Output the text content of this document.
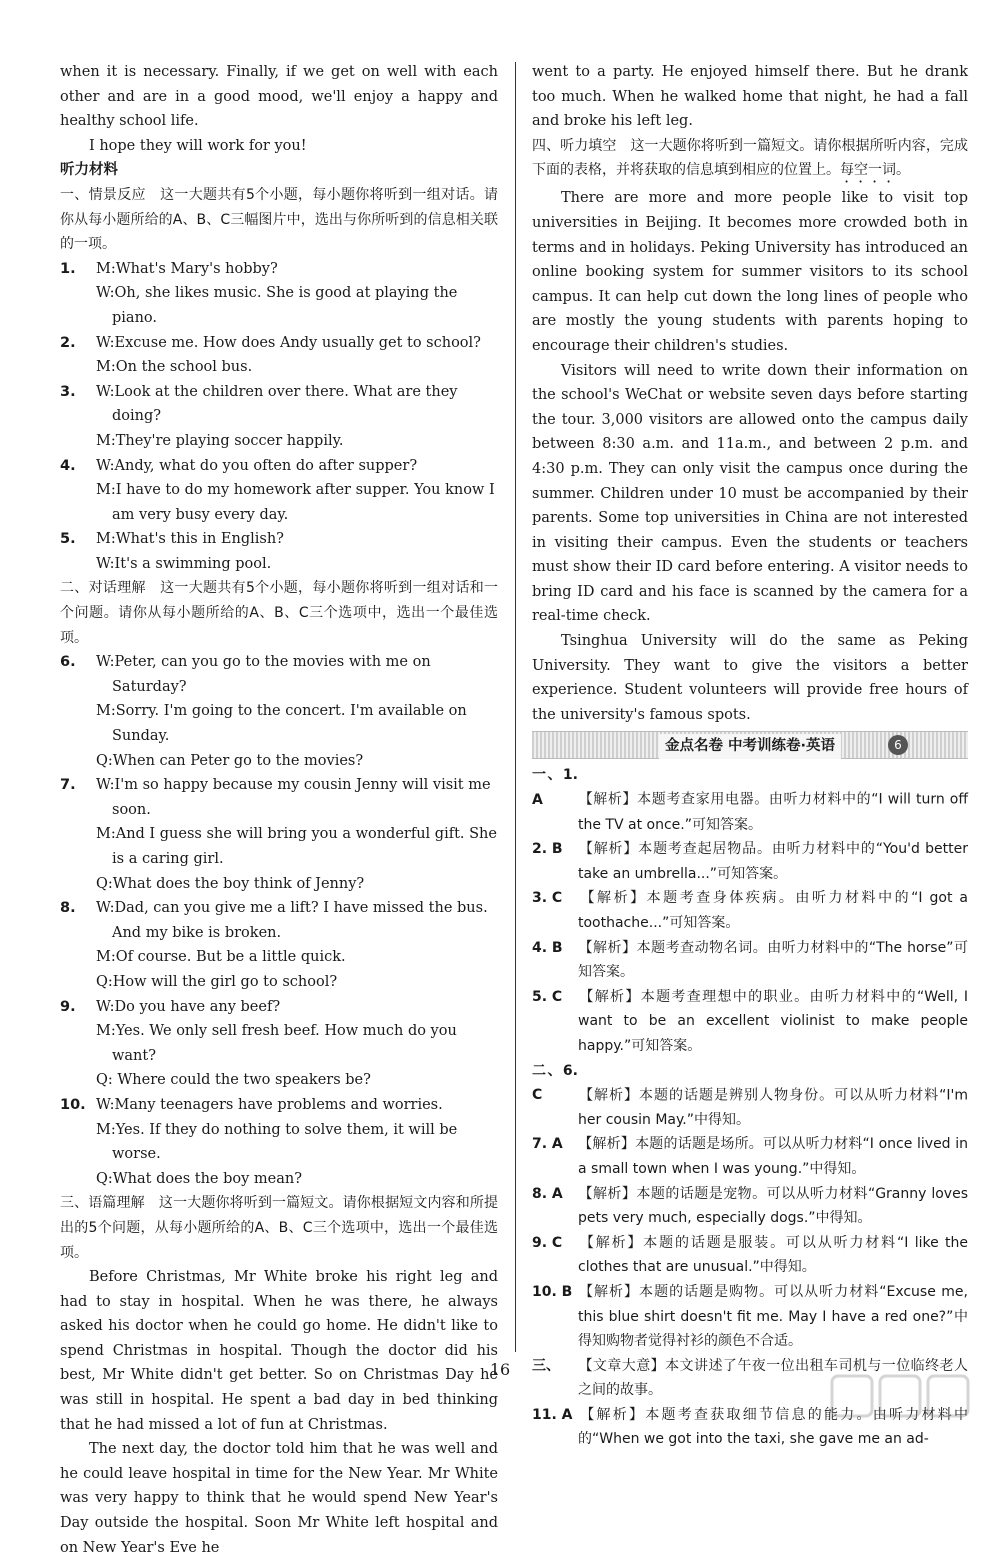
when it is necessary. Finally, if we get on well with each other and are in a good mood, we'll enjoy a happy and healthy school life.

I hope they will work for you!

听力材料

一、情景反应　这一大题共有5个小题，每小题你将听到一组对话。请你从每小题所给的A、B、C三幅图片中，选出与你所听到的信息相关联的一项。

1.	M:What's Mary's hobby?
W:Oh, she likes music. She is good at playing the piano.
2.	W:Excuse me. How does Andy usually get to school?
M:On the school bus.
3.	W:Look at the children over there. What are they doing?
M:They're playing soccer happily.
4.	W:Andy, what do you often do after supper?
M:I have to do my homework after supper. You know I am very busy every day.
5.	M:What's this in English?
W:It's a swimming pool.

二、对话理解　这一大题共有5个小题，每小题你将听到一组对话和一个问题。请你从每小题所给的A、B、C三个选项中，选出一个最佳选项。

6.	W:Peter, can you go to the movies with me on Saturday?
M:Sorry. I'm going to the concert. I'm available on Sunday.
Q:When can Peter go to the movies?
7.	W:I'm so happy because my cousin Jenny will visit me soon.
M:And I guess she will bring you a wonderful gift. She is a caring girl.
Q:What does the boy think of Jenny?
8.	W:Dad, can you give me a lift? I have missed the bus. And my bike is broken.
M:Of course. But be a little quick.
Q:How will the girl go to school?
9.	W:Do you have any beef?
M:Yes. We only sell fresh beef. How much do you want?
Q: Where could the two speakers be?
10. W:Many teenagers have problems and worries.
M:Yes. If they do nothing to solve them, it will be worse.
Q:What does the boy mean?

三、语篇理解　这一大题你将听到一篇短文。请你根据短文内容和所提出的5个问题，从每小题所给的A、B、C三个选项中，选出一个最佳选项。

Before Christmas, Mr White broke his right leg and had to stay in hospital. When he was there, he always asked his doctor when he could go home. He didn't like to spend Christmas in hospital. Though the doctor did his best, Mr White didn't get better. So on Christmas Day he was still in hospital. He spent a bad day in bed thinking that he had missed a lot of fun at Christmas.

The next day, the doctor told him that he was well and he could leave hospital in time for the New Year. Mr White was very happy to think that he would spend New Year's Day outside the hospital. Soon Mr White left hospital and on New Year's Eve he

went to a party. He enjoyed himself there. But he drank too much. When he walked home that night, he had a fall and broke his left leg.

四、听力填空　这一大题你将听到一篇短文。请你根据所听内容，完成下面的表格，并将获取的信息填到相应的位置上。每空一词。

There are more and more people like to visit top universities in Beijing. It becomes more crowded both in terms and in holidays. Peking University has introduced an online booking system for summer visitors to its school campus. It can help cut down the long lines of people who are mostly the young students with parents hoping to encourage their children's studies.

Visitors will need to write down their information on the school's WeChat or website seven days before starting the tour. 3,000 visitors are allowed onto the campus daily between 8:30 a.m. and 11a.m., and between 2 p.m. and 4:30 p.m. They can only visit the campus once during the summer. Children under 10 must be accompanied by their parents. Some top universities in China are not interested in visiting their campus. Even the students or teachers must show their ID card before entering. A visitor needs to bring ID card and his face is scanned by the camera for a real-time check.

Tsinghua University will do the same as Peking University. They want to give the visitors a better experience. Student volunteers will provide free hours of the university's famous spots.

金点名卷 中考训练卷·英语	6

一、1. A	【解析】本题考查家用电器。由听力材料中的“I will turn off the TV at once.”可知答案。

2. B 【解析】本题考查起居物品。由听力材料中的“You'd better take an umbrella...”可知答案。

3. C 【解析】本题考查身体疾病。由听力材料中的“I got a toothache...”可知答案。

4. B 【解析】本题考查动物名词。由听力材料中的“The horse”可知答案。

5. C 【解析】本题考查理想中的职业。由听力材料中的“Well, I want to be an excellent violinist to make people happy.”可知答案。

二、6. C	【解析】本题的话题是辨别人物身份。可以从听力材料“I'm her cousin May.”中得知。

7. A 【解析】本题的话题是场所。可以从听力材料“I once lived in a small town when I was young.”中得知。

8. A 【解析】本题的话题是宠物。可以从听力材料“Granny loves pets very much, especially dogs.”中得知。

9. C 【解析】本题的话题是服装。可以从听力材料“I like the clothes that are unusual.”中得知。

10. B 【解析】本题的话题是购物。可以从听力材料“Excuse me, this blue shirt doesn't fit me. May I have a red one?”中得知购物者觉得衬衫的颜色不合适。

三、 【文章大意】本文讲述了午夜一位出租车司机与一位临终老人之间的故事。

11. A 【解析】本题考查获取细节信息的能力。由听力材料中的“When we got into the taxi, she gave me an ad-

16
